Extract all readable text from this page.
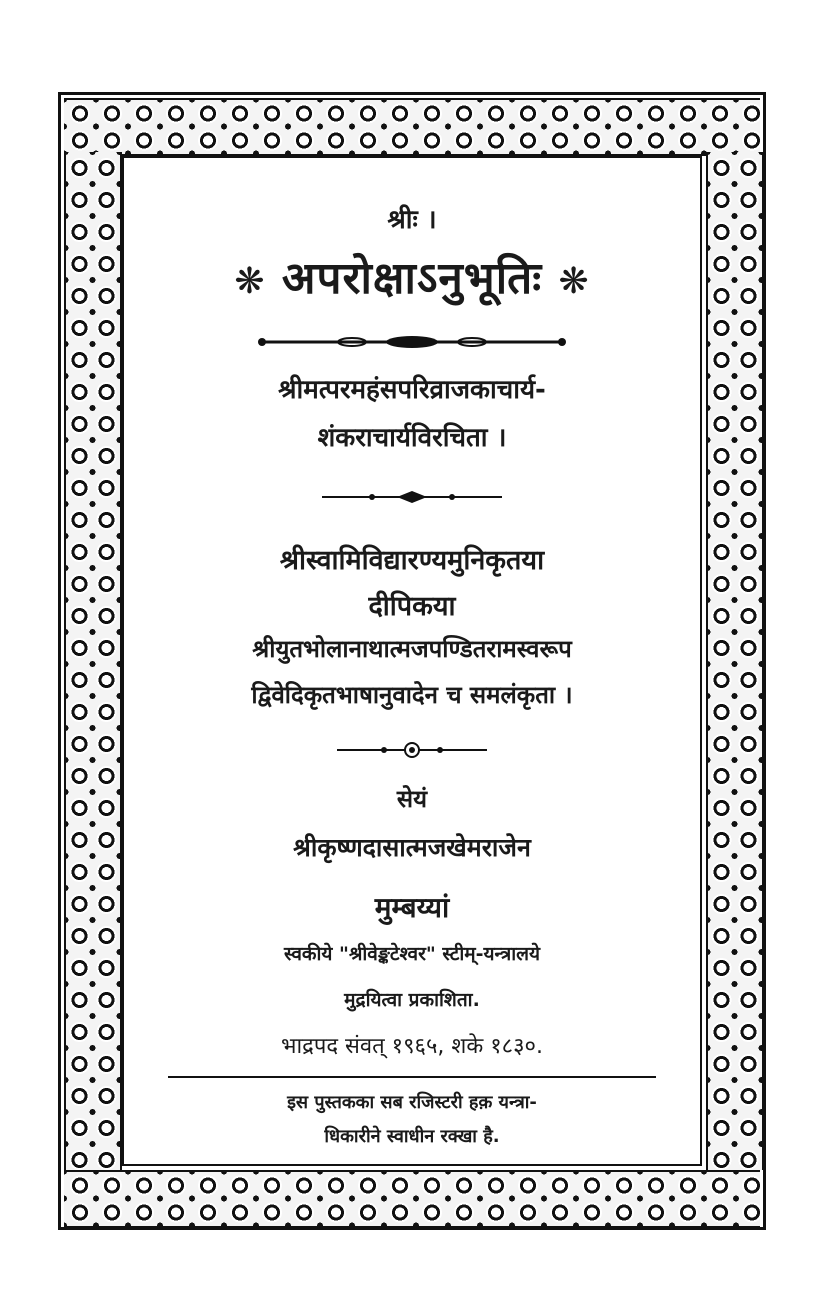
श्रीः ।
❋ अपरोक्षाऽनुभूतिः ❋
श्रीमत्परमहंसपरिव्राजकाचार्य-
शंकराचार्यविरचिता ।
श्रीस्वामिविद्यारण्यमुनिकृतया
दीपिकया
श्रीयुतभोलानाथात्मजपण्डितरामस्वरूप
द्विवेदिकृतभाषानुवादेन च समलंकृता ।
सेयं
श्रीकृष्णदासात्मजखेमराजेन
मुम्बय्यां
स्वकीये "श्रीवेङ्कटेश्वर" स्टीम्-यन्त्रालये
मुद्रयित्वा प्रकाशिता.
भाद्रपद संवत् १९६५, शके १८३०.
इस पुस्तकका सब रजिस्टरी हक़ यन्त्रा-
धिकारीने स्वाधीन रक्खा है.
